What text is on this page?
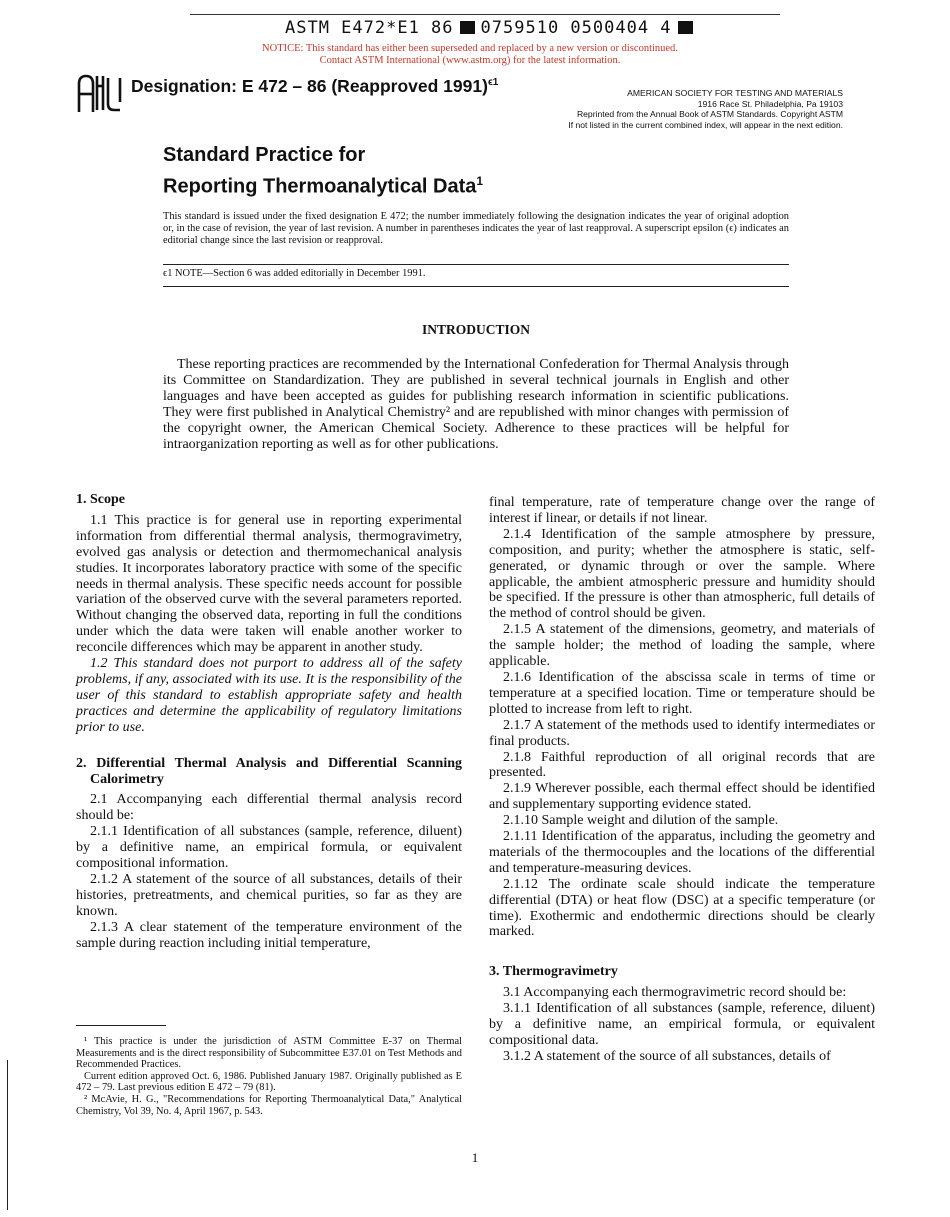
ASTM E472*E1 86 0759510 0500404 4
NOTICE: This standard has either been superseded and replaced by a new version or discontinued.
Contact ASTM International (www.astm.org) for the latest information.
Designation: E 472 – 86 (Reapproved 1991)$^{\epsilon 1}$
AMERICAN SOCIETY FOR TESTING AND MATERIALS
1916 Race St. Philadelphia, Pa 19103
Reprinted from the Annual Book of ASTM Standards. Copyright ASTM
If not listed in the current combined index, will appear in the next edition.
Standard Practice for
Reporting Thermoanalytical Data$^1$
This standard is issued under the fixed designation E 472; the number immediately following the designation indicates the year of original adoption or, in the case of revision, the year of last revision. A number in parentheses indicates the year of last reapproval. A superscript epsilon (ϵ) indicates an editorial change since the last revision or reapproval.
ϵ1 NOTE—Section 6 was added editorially in December 1991.
INTRODUCTION
These reporting practices are recommended by the International Confederation for Thermal Analysis through its Committee on Standardization. They are published in several technical journals in English and other languages and have been accepted as guides for publishing research information in scientific publications. They were first published in Analytical Chemistry² and are republished with minor changes with permission of the copyright owner, the American Chemical Society. Adherence to these practices will be helpful for intraorganization reporting as well as for other publications.

1. Scope

1.1 This practice is for general use in reporting experimental information from differential thermal analysis, thermogravimetry, evolved gas analysis or detection and thermomechanical analysis studies. It incorporates laboratory practice with some of the specific needs in thermal analysis. These specific needs account for possible variation of the observed curve with the several parameters reported. Without changing the observed data, reporting in full the conditions under which the data were taken will enable another worker to reconcile differences which may be apparent in another study.

1.2 This standard does not purport to address all of the safety problems, if any, associated with its use. It is the responsibility of the user of this standard to establish appropriate safety and health practices and determine the applicability of regulatory limitations prior to use.

2. Differential Thermal Analysis and Differential Scanning Calorimetry

2.1 Accompanying each differential thermal analysis record should be:

2.1.1 Identification of all substances (sample, reference, diluent) by a definitive name, an empirical formula, or equivalent compositional information.

2.1.2 A statement of the source of all substances, details of their histories, pretreatments, and chemical purities, so far as they are known.

2.1.3 A clear statement of the temperature environment of the sample during reaction including initial temperature,

final temperature, rate of temperature change over the range of interest if linear, or details if not linear.

2.1.4 Identification of the sample atmosphere by pressure, composition, and purity; whether the atmosphere is static, self-generated, or dynamic through or over the sample. Where applicable, the ambient atmospheric pressure and humidity should be specified. If the pressure is other than atmospheric, full details of the method of control should be given.

2.1.5 A statement of the dimensions, geometry, and materials of the sample holder; the method of loading the sample, where applicable.

2.1.6 Identification of the abscissa scale in terms of time or temperature at a specified location. Time or temperature should be plotted to increase from left to right.

2.1.7 A statement of the methods used to identify intermediates or final products.

2.1.8 Faithful reproduction of all original records that are presented.

2.1.9 Wherever possible, each thermal effect should be identified and supplementary supporting evidence stated.

2.1.10 Sample weight and dilution of the sample.

2.1.11 Identification of the apparatus, including the geometry and materials of the thermocouples and the locations of the differential and temperature-measuring devices.

2.1.12 The ordinate scale should indicate the temperature differential (DTA) or heat flow (DSC) at a specific temperature (or time). Exothermic and endothermic directions should be clearly marked.

3. Thermogravimetry

3.1 Accompanying each thermogravimetric record should be:

3.1.1 Identification of all substances (sample, reference, diluent) by a definitive name, an empirical formula, or equivalent compositional data.

3.1.2 A statement of the source of all substances, details of

¹ This practice is under the jurisdiction of ASTM Committee E-37 on Thermal Measurements and is the direct responsibility of Subcommittee E37.01 on Test Methods and Recommended Practices.

Current edition approved Oct. 6, 1986. Published January 1987. Originally published as E 472 – 79. Last previous edition E 472 – 79 (81).

² McAvie, H. G., "Recommendations for Reporting Thermoanalytical Data," Analytical Chemistry, Vol 39, No. 4, April 1967, p. 543.

1
